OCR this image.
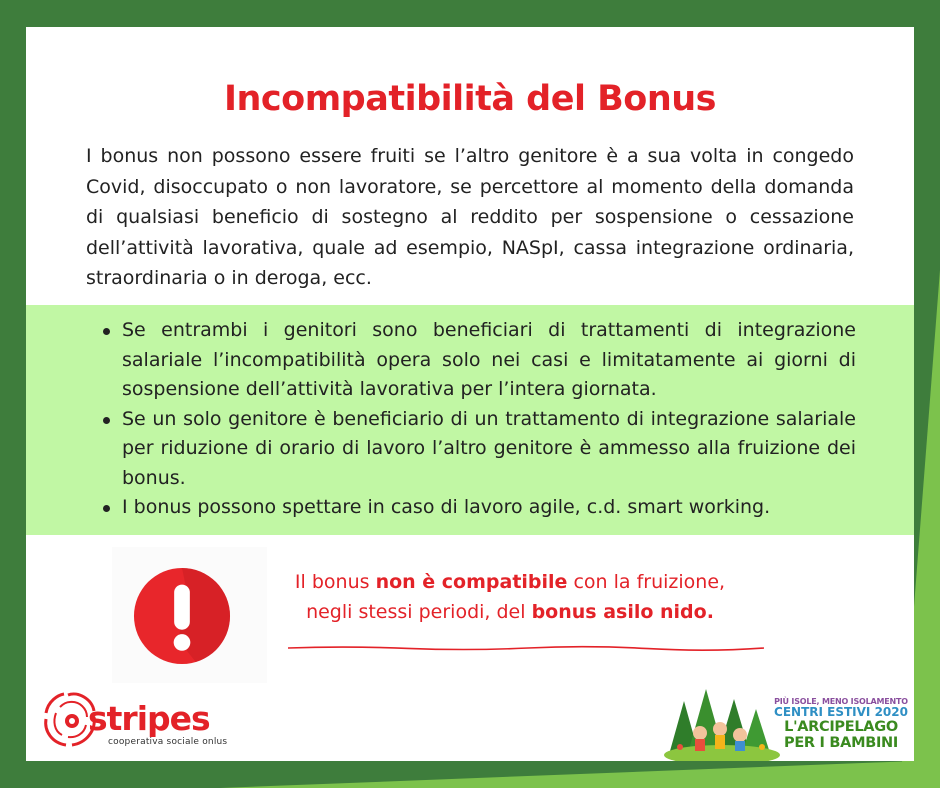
Incompatibilità del Bonus

I bonus non possono essere fruiti se l’altro genitore è a sua volta in congedo Covid, disoccupato o non lavoratore, se percettore al momento della domanda di qualsiasi beneficio di sostegno al reddito per sospensione o cessazione dell’attività lavorativa, quale ad esempio, NASpI, cassa integrazione ordinaria, straordinaria o in deroga, ecc.

Se entrambi i genitori sono beneficiari di trattamenti di integrazione salariale l’incompatibilità opera solo nei casi e limitatamente ai giorni di sospensione dell’attività lavorativa per l’intera giornata.
Se un solo genitore è beneficiario di un trattamento di integrazione salariale per riduzione di orario di lavoro l’altro genitore è ammesso alla fruizione dei bonus.
I bonus possono spettare in caso di lavoro agile, c.d. smart working.
Il bonus non è compatibile con la fruizione,
negli stessi periodi, del bonus asilo nido.
stripes
cooperativa sociale onlus
PIÙ ISOLE, MENO ISOLAMENTO
CENTRI ESTIVI 2020
L'ARCIPELAGO
PER I BAMBINI
